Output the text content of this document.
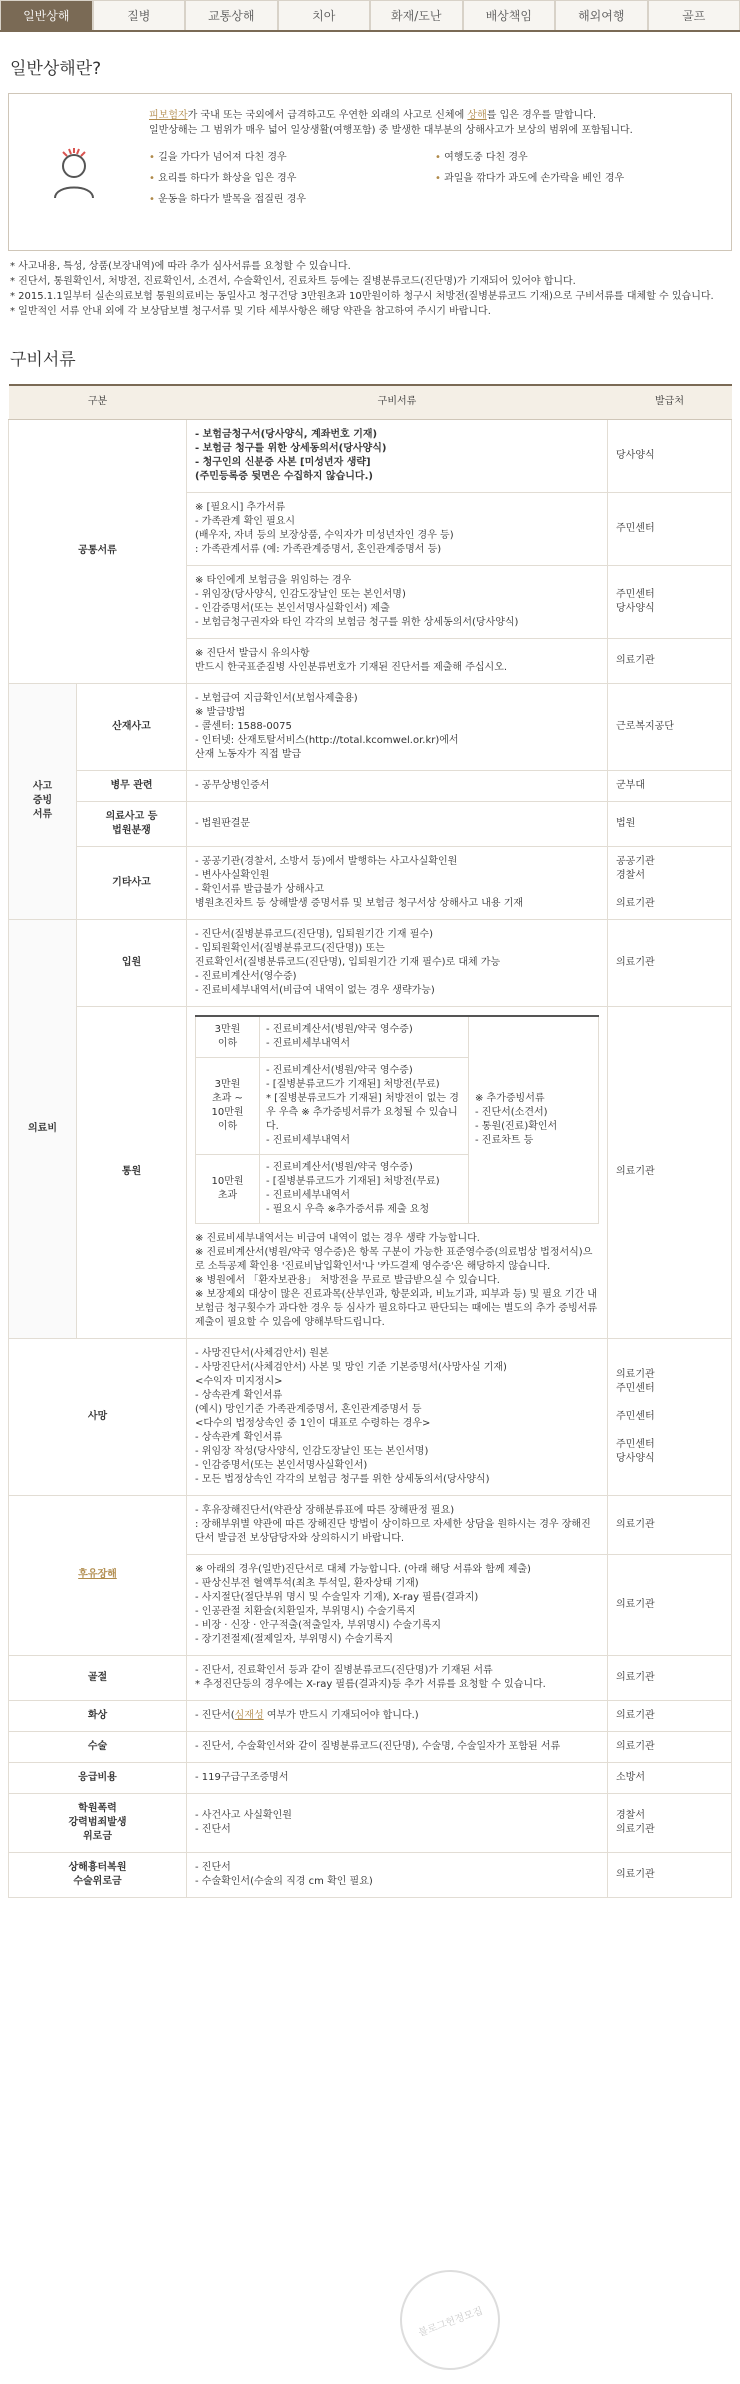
일반상해	질병	교통상해	치아	화재/도난	배상책임	해외여행	골프
일반상해란?
피보험자가 국내 또는 국외에서 급격하고도 우연한 외래의 사고로 신체에 상해를 입은 경우를 말합니다.
일반상해는 그 범위가 매우 넓어 일상생활(여행포함) 중 발생한 대부분의 상해사고가 보상의 범위에 포함됩니다.
• 길을 가다가 넘어져 다친 경우	• 여행도중 다친 경우
• 요리를 하다가 화상을 입은 경우	• 과일을 깎다가 과도에 손가락을 베인 경우
• 운동을 하다가 발목을 접질린 경우
* 사고내용, 특성, 상품(보장내역)에 따라 추가 심사서류를 요청할 수 있습니다.
* 진단서, 통원확인서, 처방전, 진료확인서, 소견서, 수술확인서, 진료차트 등에는 질병분류코드(진단명)가 기재되어 있어야 합니다.
* 2015.1.1일부터 실손의료보험 통원의료비는 동일사고 청구건당 3만원초과 10만원이하 청구시 처방전(질병분류코드 기재)으로 구비서류를 대체할 수 있습니다.
* 일반적인 서류 안내 외에 각 보상담보별 청구서류 및 기타 세부사항은 해당 약관을 참고하여 주시기 바랍니다.
구비서류
구분	구비서류	발급처
공통서류	- 보험금청구서(당사양식, 계좌번호 기재)
- 보험금 청구를 위한 상세동의서(당사양식)
- 청구인의 신분증 사본 [미성년자 생략]
(주민등록증 뒷면은 수집하지 않습니다.)	당사양식
※ [필요시] 추가서류
- 가족관계 확인 필요시
(배우자, 자녀 등의 보장상품, 수익자가 미성년자인 경우 등)
: 가족관계서류 (예: 가족관계증명서, 혼인관계증명서 등)	주민센터
※ 타인에게 보험금을 위임하는 경우
- 위임장(당사양식, 인감도장날인 또는 본인서명)
- 인감증명서(또는 본인서명사실확인서) 제출
- 보험금청구권자와 타인 각각의 보험금 청구를 위한 상세동의서(당사양식)	주민센터
당사양식
※ 진단서 발급시 유의사항
반드시 한국표준질병 사인분류번호가 기재된 진단서를 제출해 주십시오.	의료기관
사고
증빙
서류	산재사고	- 보험급여 지급확인서(보험사제출용)
※ 발급방법
- 콜센터: 1588-0075
- 인터넷: 산재토탈서비스(http://total.kcomwel.or.kr)에서
산재 노동자가 직접 발급	근로복지공단
병무 관련	- 공무상병인증서	군부대
의료사고 등
법원분쟁	- 법원판결문	법원
기타사고	- 공공기관(경찰서, 소방서 등)에서 발행하는 사고사실확인원
- 변사사실확인원
- 확인서류 발급불가 상해사고
병원초진차트 등 상해발생 증명서류 및 보험금 청구서상 상해사고 내용 기재	공공기관
경찰서

의료기관
의료비	입원	- 진단서(질병분류코드(진단명), 입퇴원기간 기재 필수)
- 입퇴원확인서(질병분류코드(진단명)) 또는
진료확인서(질병분류코드(진단명), 입퇴원기간 기재 필수)로 대체 가능
- 진료비계산서(영수증)
- 진료비세부내역서(비급여 내역이 없는 경우 생략가능)	의료기관
통원	
3만원
이하	- 진료비계산서(병원/약국 영수증)
- 진료비세부내역서	※ 추가증빙서류
- 진단서(소견서)
- 통원(진료)확인서
- 진료차트 등
3만원
초과 ~
10만원
이하	- 진료비계산서(병원/약국 영수증)
- [질병분류코드가 기재된] 처방전(무료)
* [질병분류코드가 기재된] 처방전이 없는 경우 우측 ※ 추가증빙서류가 요청될 수 있습니다.
- 진료비세부내역서
10만원
초과	- 진료비계산서(병원/약국 영수증)
- [질병분류코드가 기재된] 처방전(무료)
- 진료비세부내역서
- 필요시 우측 ※추가증서류 제출 요청
※ 진료비세부내역서는 비급여 내역이 없는 경우 생략 가능합니다.
※ 진료비계산서(병원/약국 영수증)은 항목 구분이 가능한 표준영수증(의료법상 법정서식)으로 소득공제 확인용 '진료비납입확인서'나 '카드결제 영수증'은 해당하지 않습니다.
※ 병원에서 「환자보관용」 처방전을 무료로 발급받으실 수 있습니다.
※ 보장제외 대상이 많은 진료과목(산부인과, 항문외과, 비뇨기과, 피부과 등) 및 필요 기간 내 보험금 청구횟수가 과다한 경우 등 심사가 필요하다고 판단되는 때에는 별도의 추가 증빙서류 제출이 필요할 수 있음에 양해부탁드립니다.
	의료기관
사망	- 사망진단서(사체검안서) 원본
- 사망진단서(사체검안서) 사본 및 망인 기준 기본증명서(사망사실 기재)
<수익자 미지정시>
- 상속관계 확인서류
(예시) 망인기준 가족관계증명서, 혼인관계증명서 등
<다수의 법정상속인 중 1인이 대표로 수령하는 경우>
- 상속관계 확인서류
- 위임장 작성(당사양식, 인감도장날인 또는 본인서명)
- 인감증명서(또는 본인서명사실확인서)
- 모든 법정상속인 각각의 보험금 청구를 위한 상세동의서(당사양식)	의료기관
주민센터

주민센터

주민센터
당사양식
후유장해	- 후유장해진단서(약관상 장해분류표에 따른 장해판정 필요)
: 장해부위별 약관에 따른 장해진단 방법이 상이하므로 자세한 상담을 원하시는 경우 장해진단서 발급전 보상담당자와 상의하시기 바랍니다.	의료기관
※ 아래의 경우(일반)진단서로 대체 가능합니다. (아래 해당 서류와 함께 제출)
- 판상신부전 혈액투석(최초 투석일, 환자상태 기재)
- 사지절단(절단부위 명시 및 수술일자 기재), X-ray 필름(결과지)
- 인공관절 치환술(치환일자, 부위명시) 수술기록지
- 비장 · 신장 · 안구적출(적출일자, 부위명시) 수술기록지
- 장기전절제(절제일자, 부위명시) 수술기록지	의료기관
골절	- 진단서, 진료확인서 등과 같이 질병분류코드(진단명)가 기재된 서류
* 추정진단등의 경우에는 X-ray 필름(결과지)등 추가 서류를 요청할 수 있습니다.	의료기관
화상	- 진단서(심재성 여부가 반드시 기재되어야 합니다.)	의료기관
수술	- 진단서, 수술확인서와 같이 질병분류코드(진단명), 수술명, 수술일자가 포함된 서류	의료기관
응급비용	- 119구급구조증명서	소방서
학원폭력
강력범죄발생
위로금	- 사건사고 사실확인원
- 진단서	경찰서
의료기관
상해흉터복원
수술위로금	- 진단서
- 수술확인서(수술의 직경 cm 확인 필요)	의료기관
블로그헌정모집
